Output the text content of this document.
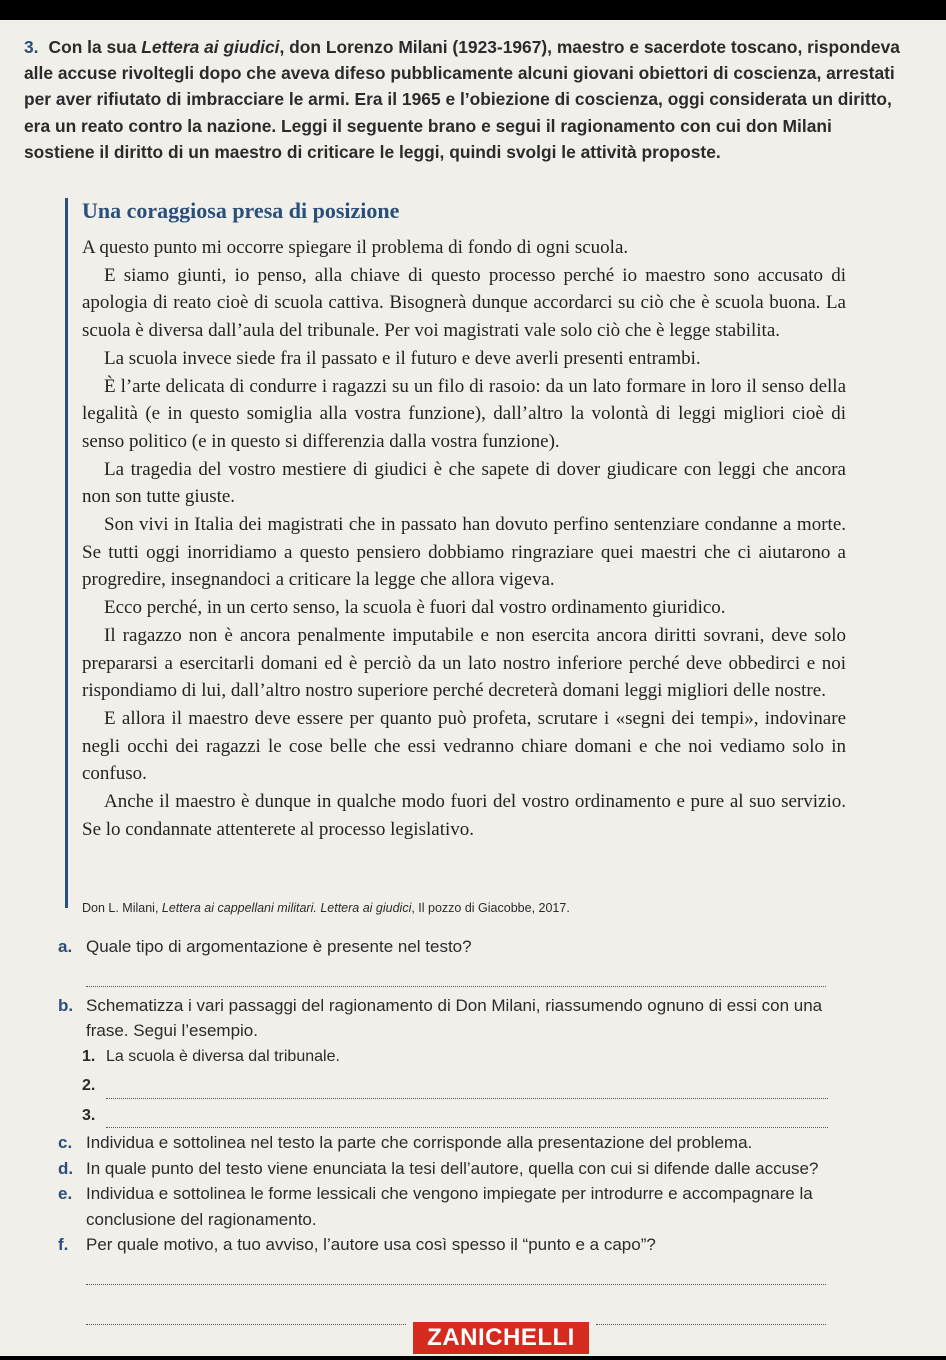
3. Con la sua Lettera ai giudici, don Lorenzo Milani (1923-1967), maestro e sacerdote toscano, rispondeva alle accuse rivoltegli dopo che aveva difeso pubblicamente alcuni giovani obiettori di coscienza, arrestati per aver rifiutato di imbracciare le armi. Era il 1965 e l’obiezione di coscienza, oggi considerata un diritto, era un reato contro la nazione. Leggi il seguente brano e segui il ragionamento con cui don Milani sostiene il diritto di un maestro di criticare le leggi, quindi svolgi le attività proposte.
Una coraggiosa presa di posizione

A questo punto mi occorre spiegare il problema di fondo di ogni scuola.

E siamo giunti, io penso, alla chiave di questo processo perché io maestro sono accusato di apologia di reato cioè di scuola cattiva. Bisognerà dunque accordarci su ciò che è scuola buona. La scuola è diversa dall’aula del tribunale. Per voi magistrati vale solo ciò che è legge stabilita.

La scuola invece siede fra il passato e il futuro e deve averli presenti entrambi.

È l’arte delicata di condurre i ragazzi su un filo di rasoio: da un lato formare in loro il senso della legalità (e in questo somiglia alla vostra funzione), dall’altro la volontà di leggi migliori cioè di senso politico (e in questo si differenzia dalla vostra funzione).

La tragedia del vostro mestiere di giudici è che sapete di dover giudicare con leggi che ancora non son tutte giuste.

Son vivi in Italia dei magistrati che in passato han dovuto perfino sentenziare condanne a morte. Se tutti oggi inorridiamo a questo pensiero dobbiamo ringraziare quei maestri che ci aiutarono a progredire, insegnandoci a criticare la legge che allora vigeva.

Ecco perché, in un certo senso, la scuola è fuori dal vostro ordinamento giuridico.

Il ragazzo non è ancora penalmente imputabile e non esercita ancora diritti sovrani, deve solo prepararsi a esercitarli domani ed è perciò da un lato nostro inferiore perché deve obbedirci e noi rispondiamo di lui, dall’altro nostro superiore perché decreterà domani leggi migliori delle nostre.

E allora il maestro deve essere per quanto può profeta, scrutare i «segni dei tempi», indovinare negli occhi dei ragazzi le cose belle che essi vedranno chiare domani e che noi vediamo solo in confuso.

Anche il maestro è dunque in qualche modo fuori del vostro ordinamento e pure al suo servizio. Se lo condannate attenterete al processo legislativo.

Don L. Milani, Lettera ai cappellani militari. Lettera ai giudici, Il pozzo di Giacobbe, 2017.
a. Quale tipo di argomentazione è presente nel testo?
b. Schematizza i vari passaggi del ragionamento di Don Milani, riassumendo ognuno di essi con una frase. Segui l’esempio.
1. La scuola è diversa dal tribunale.
2.
3.
c. Individua e sottolinea nel testo la parte che corrisponde alla presentazione del problema.
d. In quale punto del testo viene enunciata la tesi dell’autore, quella con cui si difende dalle accuse?
e. Individua e sottolinea le forme lessicali che vengono impiegate per introdurre e accompagnare la conclusione del ragionamento.
f. Per quale motivo, a tuo avviso, l’autore usa così spesso il “punto e a capo”?
ZANICHELLI
